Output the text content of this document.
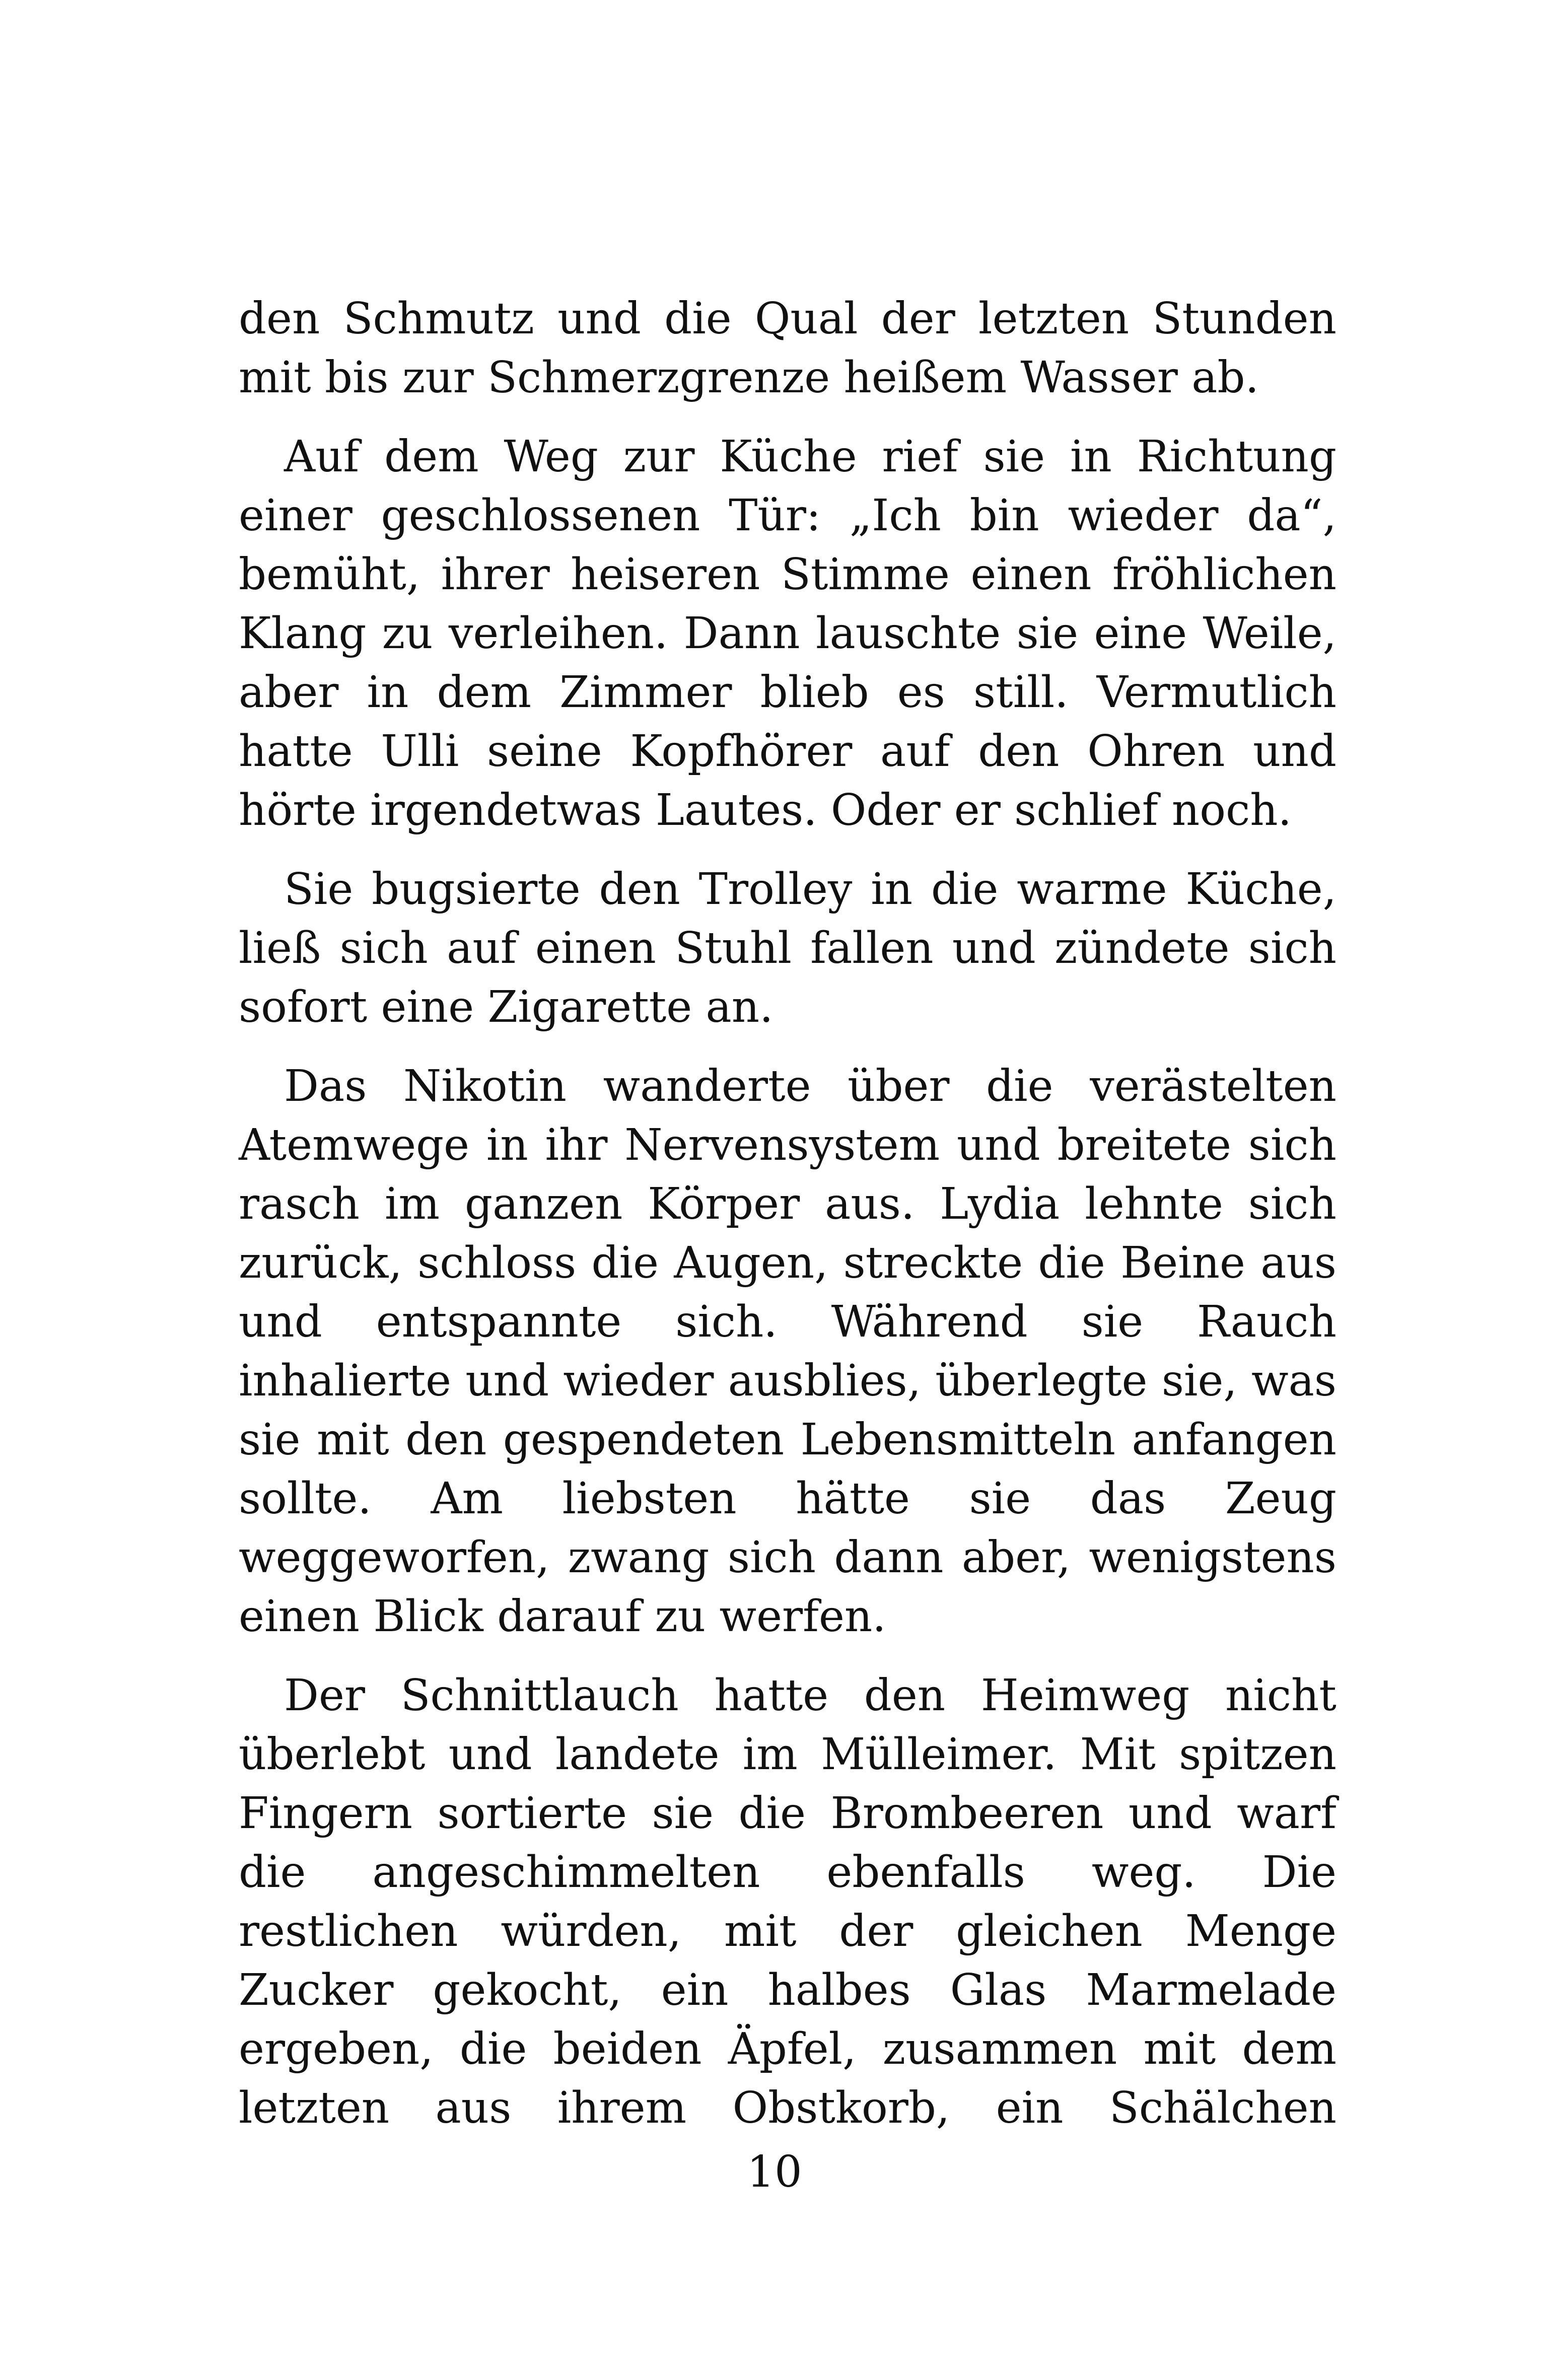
den Schmutz und die Qual der letzten Stunden mit bis zur Schmerzgrenze heißem Wasser ab.

Auf dem Weg zur Küche rief sie in Richtung einer geschlossenen Tür: „Ich bin wieder da“, bemüht, ihrer heiseren Stimme einen fröhlichen Klang zu verleihen. Dann lauschte sie eine Weile, aber in dem Zimmer blieb es still. Vermutlich hatte Ulli seine Kopfhörer auf den Ohren und hörte irgendetwas Lautes. Oder er schlief noch.

Sie bugsierte den Trolley in die warme Küche, ließ sich auf einen Stuhl fallen und zündete sich sofort eine Zigarette an.

Das Nikotin wanderte über die verästelten Atemwege in ihr Nervensystem und breitete sich rasch im ganzen Körper aus. Lydia lehnte sich zurück, schloss die Augen, streckte die Beine aus und entspannte sich. Während sie Rauch inhalierte und wieder ausblies, überlegte sie, was sie mit den gespendeten Lebensmitteln anfangen sollte. Am liebsten hätte sie das Zeug weggeworfen, zwang sich dann aber, wenigstens einen Blick darauf zu werfen.

Der Schnittlauch hatte den Heimweg nicht überlebt und landete im Mülleimer. Mit spitzen Fingern sortierte sie die Brombeeren und warf die angeschimmelten ebenfalls weg. Die restlichen würden, mit der gleichen Menge Zucker gekocht, ein halbes Glas Marmelade ergeben, die beiden Äpfel, zusammen mit dem letzten aus ihrem Obstkorb, ein Schälchen

10
